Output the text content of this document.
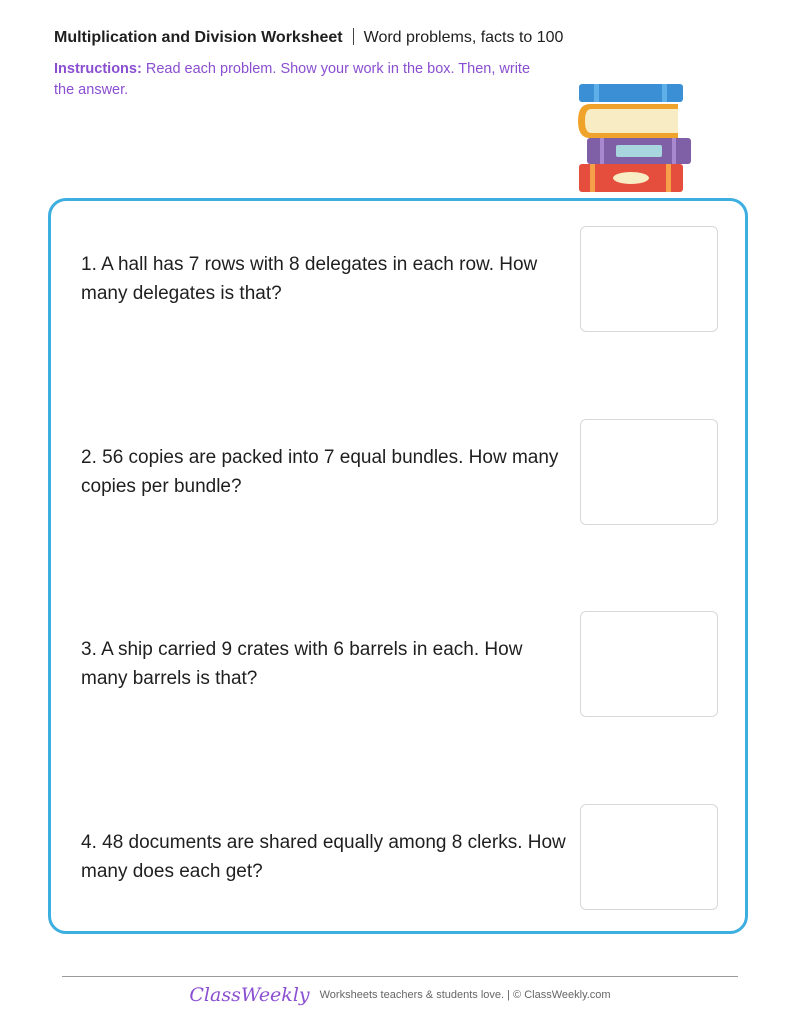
Multiplication and Division Worksheet Word problems, facts to 100
Instructions: Read each problem. Show your work in the box. Then, write the answer.
1. A hall has 7 rows with 8 delegates in each row. How many delegates is that?
2. 56 copies are packed into 7 equal bundles. How many copies per bundle?
3. A ship carried 9 crates with 6 barrels in each. How many barrels is that?
4. 48 documents are shared equally among 8 clerks. How many does each get?
ClassWeekly Worksheets teachers & students love. | © ClassWeekly.com
